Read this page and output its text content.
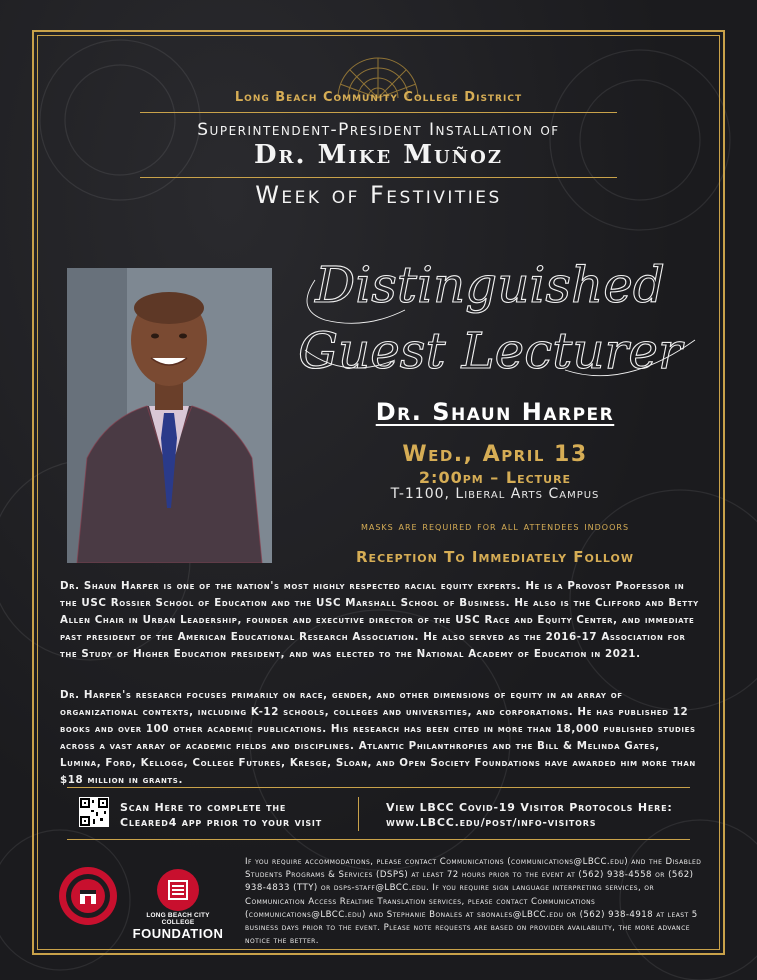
Long Beach Community College District
Superintendent-President Installation of
Dr. Mike Muñoz
Week of Festivities
Distinguished
Guest Lecturer
Dr. Shaun Harper
Wed., April 13
2:00pm – Lecture
T-1100, Liberal Arts Campus
masks are required for all attendees indoors
Reception To Immediately Follow
Dr. Shaun Harper is one of the nation's most highly respected racial equity experts. He is a Provost Professor in the USC Rossier School of Education and the USC Marshall School of Business. He also is the Clifford and Betty Allen Chair in Urban Leadership, founder and executive director of the USC Race and Equity Center, and immediate past president of the American Educational Research Association. He also served as the 2016-17 Association for the Study of Higher Education president, and was elected to the National Academy of Education in 2021.
Dr. Harper's research focuses primarily on race, gender, and other dimensions of equity in an array of organizational contexts, including K-12 schools, colleges and universities, and corporations. He has published 12 books and over 100 other academic publications. His research has been cited in more than 18,000 published studies across a vast array of academic fields and disciplines. Atlantic Philanthropies and the Bill & Melinda Gates, Lumina, Ford, Kellogg, College Futures, Kresge, Sloan, and Open Society Foundations have awarded him more than $18 million in grants.
Scan Here to complete the
Cleared4 app prior to your visit
View LBCC Covid-19 Visitor Protocols Here:
www.LBCC.edu/post/info-visitors
LONG BEACH CITY COLLEGE
FOUNDATION
If you require accommodations, please contact Communications (communications@LBCC.edu) and the Disabled Students Programs & Services (DSPS) at least 72 hours prior to the event at (562) 938-4558 or (562) 938-4833 (TTY) or dsps-staff@LBCC.edu. If you require sign language interpreting services, or Communication Access Realtime Translation services, please contact Communications (communications@LBCC.edu) and Stephanie Bonales at sbonales@LBCC.edu or (562) 938-4918 at least 5 business days prior to the event. Please note requests are based on provider availability, the more advance notice the better.
